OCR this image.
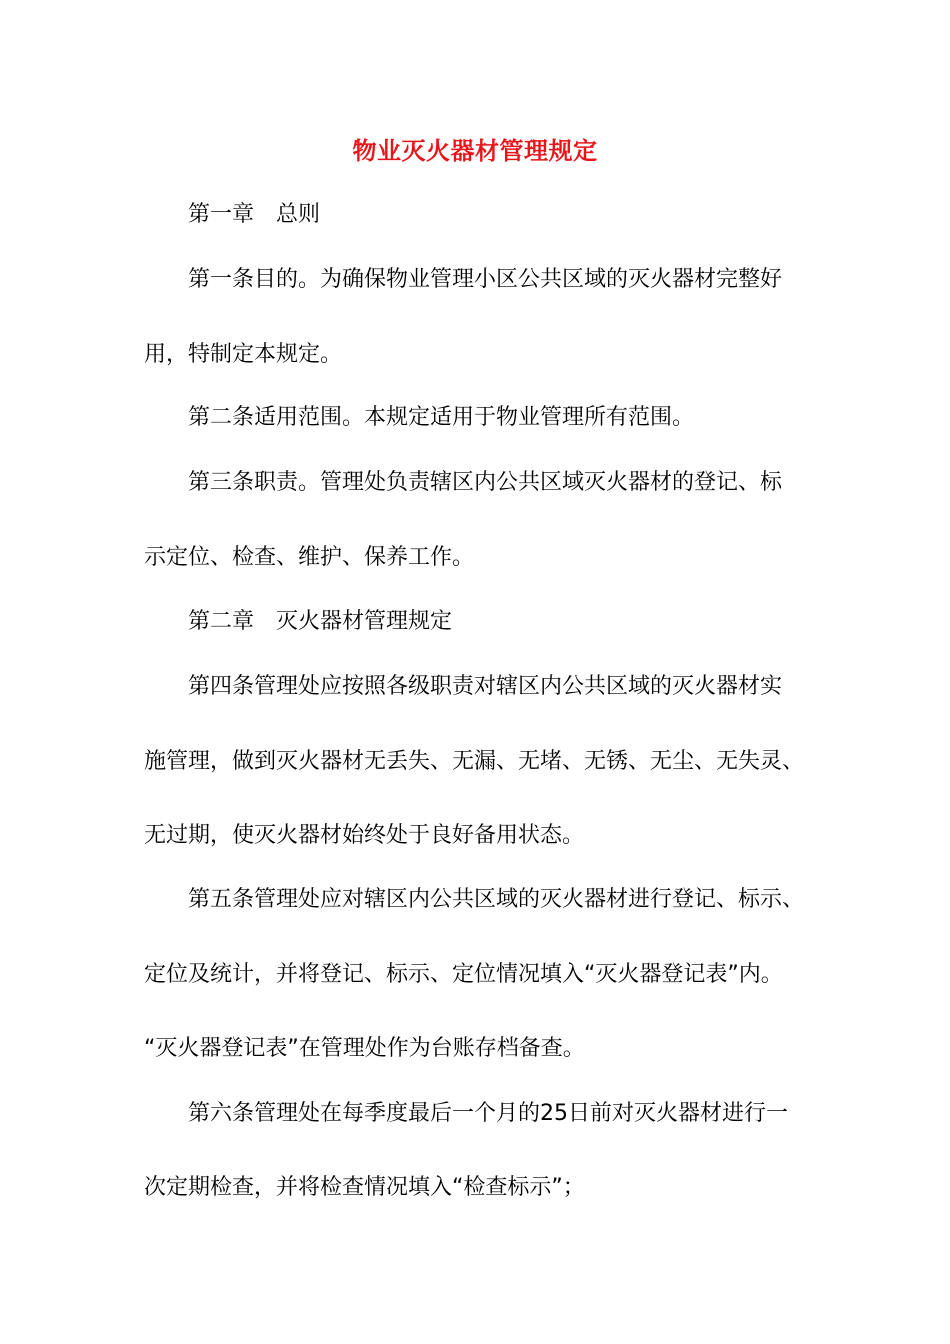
物业灭火器材管理规定
第一章　总则
第一条目的。为确保物业管理小区公共区域的灭火器材完整好
用，特制定本规定。
第二条适用范围。本规定适用于物业管理所有范围。
第三条职责。管理处负责辖区内公共区域灭火器材的登记、标
示定位、检查、维护、保养工作。
第二章　灭火器材管理规定
第四条管理处应按照各级职责对辖区内公共区域的灭火器材实
施管理，做到灭火器材无丢失、无漏、无堵、无锈、无尘、无失灵、
无过期，使灭火器材始终处于良好备用状态。
第五条管理处应对辖区内公共区域的灭火器材进行登记、标示、
定位及统计，并将登记、标示、定位情况填入“灭火器登记表”内。
“灭火器登记表”在管理处作为台账存档备查。
第六条管理处在每季度最后一个月的25日前对灭火器材进行一
次定期检查，并将检查情况填入“检查标示”；
